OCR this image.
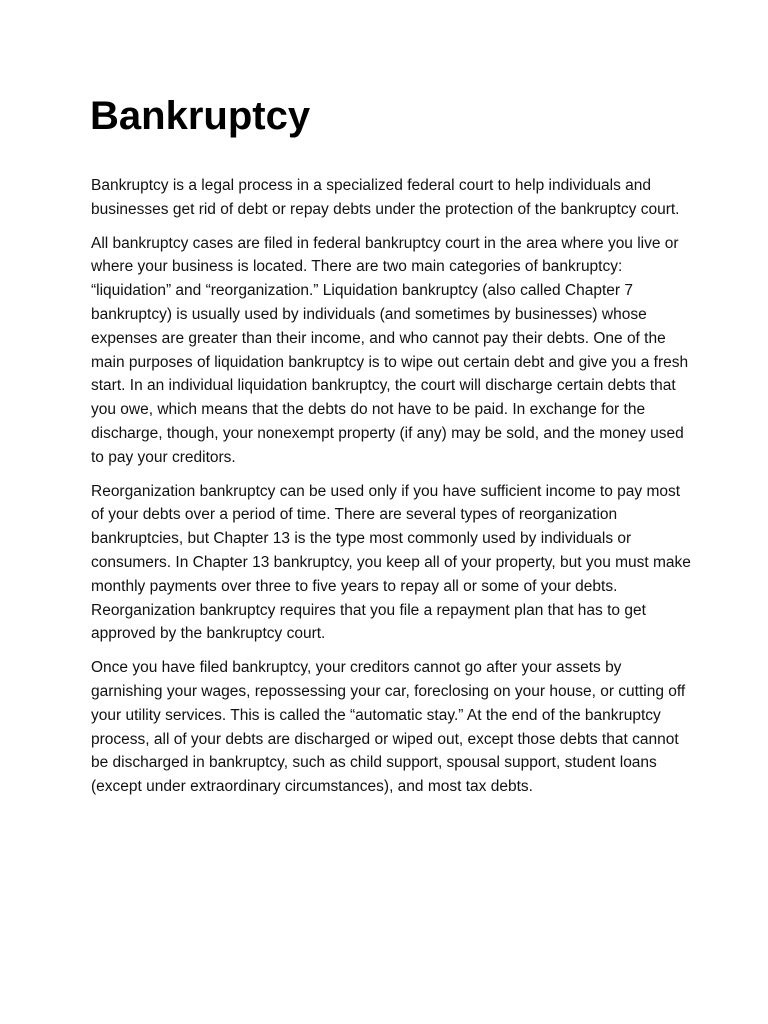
Bankruptcy

Bankruptcy is a legal process in a specialized federal court to help individuals and businesses get rid of debt or repay debts under the protection of the bankruptcy court.

All bankruptcy cases are filed in federal bankruptcy court in the area where you live or where your business is located. There are two main categories of bankruptcy: “liquidation” and “reorganization.” Liquidation bankruptcy (also called Chapter 7 bankruptcy) is usually used by individuals (and sometimes by businesses) whose expenses are greater than their income, and who cannot pay their debts. One of the main purposes of liquidation bankruptcy is to wipe out certain debt and give you a fresh start. In an individual liquidation bankruptcy, the court will discharge certain debts that you owe, which means that the debts do not have to be paid. In exchange for the discharge, though, your nonexempt property (if any) may be sold, and the money used to pay your creditors.

Reorganization bankruptcy can be used only if you have sufficient income to pay most of your debts over a period of time. There are several types of reorganization bankruptcies, but Chapter 13 is the type most commonly used by individuals or consumers. In Chapter 13 bankruptcy, you keep all of your property, but you must make monthly payments over three to five years to repay all or some of your debts. Reorganization bankruptcy requires that you file a repayment plan that has to get approved by the bankruptcy court.

Once you have filed bankruptcy, your creditors cannot go after your assets by garnishing your wages, repossessing your car, foreclosing on your house, or cutting off your utility services. This is called the “automatic stay.” At the end of the bankruptcy process, all of your debts are discharged or wiped out, except those debts that cannot be discharged in bankruptcy, such as child support, spousal support, student loans (except under extraordinary circumstances), and most tax debts.
